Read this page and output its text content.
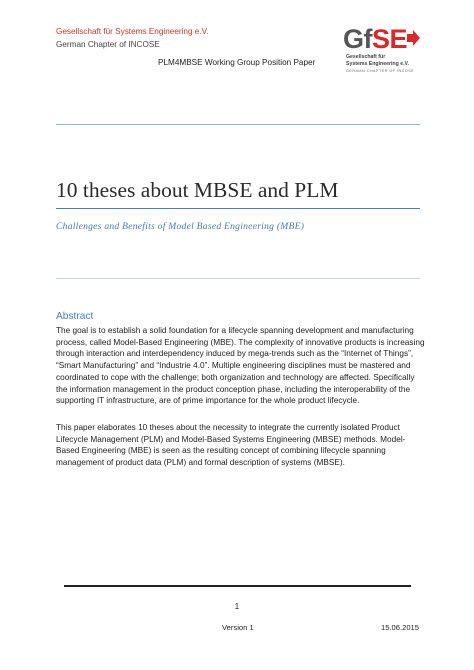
Gesellschaft für Systems Engineering e.V.
German Chapter of INCOSE
PLM4MBSE Working Group Position Paper
GfSE
Gesellschaft für
Systems Engineering e.V.
GERMAN CHAPTER OF INCOSE
10 theses about MBSE and PLM
Challenges and Benefits of Model Based Engineering (MBE)
Abstract

The goal is to establish a solid foundation for a lifecycle spanning development and manufacturing process, called Model-Based Engineering (MBE). The complexity of innovative products is increasing through interaction and interdependency induced by mega-trends such as the “Internet of Things”, “Smart Manufacturing” and “Industrie 4.0”. Multiple engineering disciplines must be mastered and coordinated to cope with the challenge; both organization and technology are affected. Specifically the information management in the product conception phase, including the interoperability of the supporting IT infrastructure, are of prime importance for the whole product lifecycle.

This paper elaborates 10 theses about the necessity to integrate the currently isolated Product Lifecycle Management (PLM) and Model-Based Systems Engineering (MBSE) methods. Model-Based Engineering (MBE) is seen as the resulting concept of combining lifecycle spanning management of product data (PLM) and formal description of systems (MBSE).

1
Version 1	15.06.2015
